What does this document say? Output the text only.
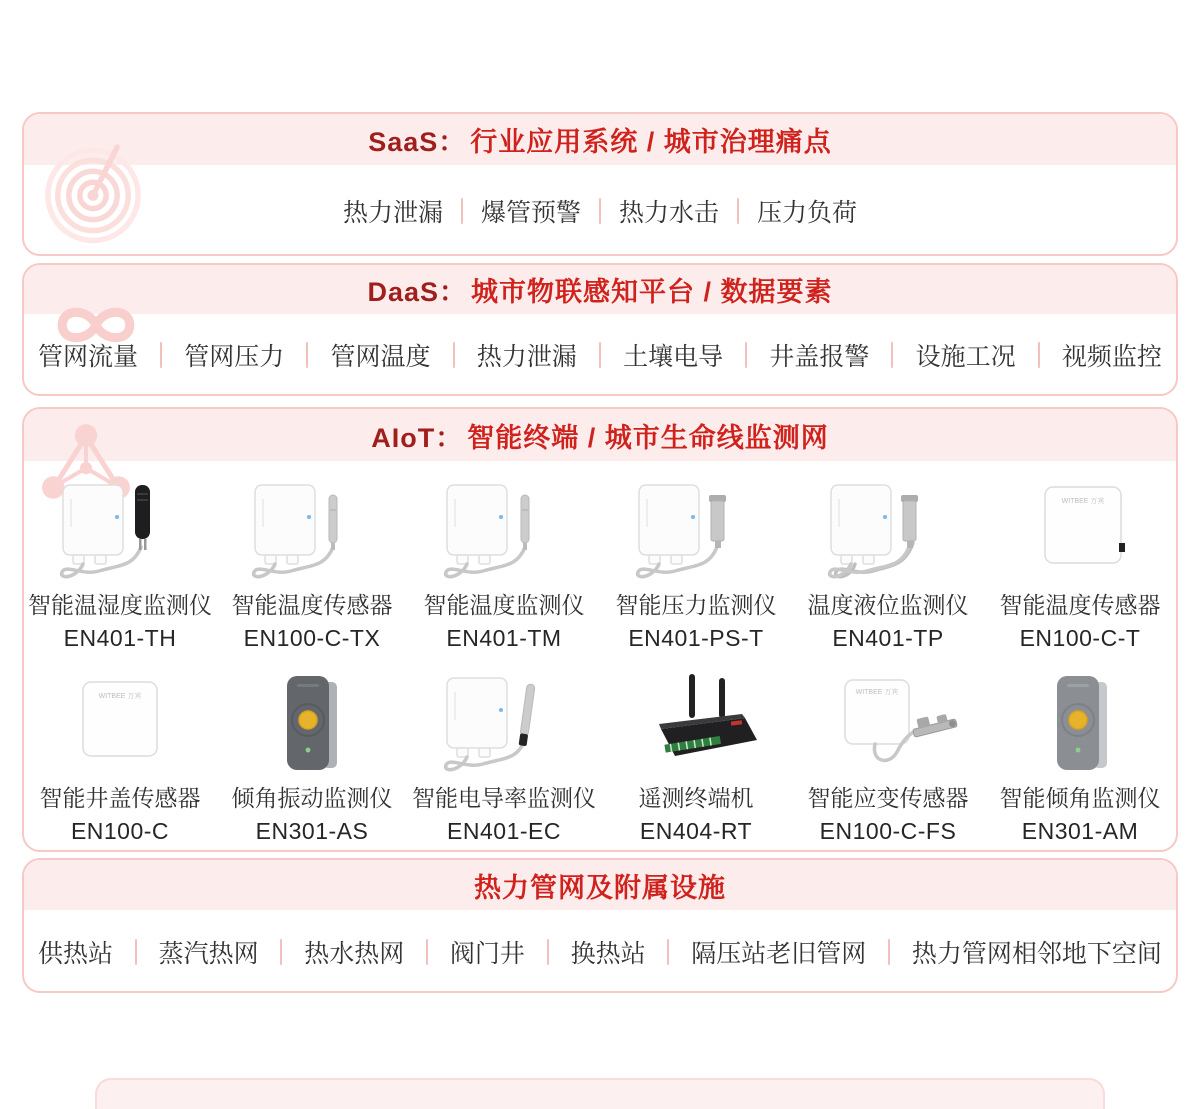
SaaS： 行业应用系统 / 城市治理痛点
热力泄漏	爆管预警	热力水击	压力负荷
DaaS： 城市物联感知平台 / 数据要素
管网流量 管网压力 管网温度 热力泄漏 土壤电导 井盖报警 设施工况 视频监控
AIoT： 智能终端 / 城市生命线监测网
智能温湿度监测仪
EN401-TH
智能温度传感器
EN100-C-TX
智能温度监测仪
EN401-TM
智能压力监测仪
EN401-PS-T
温度液位监测仪
EN401-TP
WITBEE 万宾
智能温度传感器
EN100-C-T
WITBEE 万宾
智能井盖传感器
EN100-C
倾角振动监测仪
EN301-AS
智能电导率监测仪
EN401-EC
遥测终端机
EN404-RT
WITBEE 万宾
智能应变传感器
EN100-C-FS
智能倾角监测仪
EN301-AM
热力管网及附属设施
供热站 蒸汽热网 热水热网 阀门井 换热站 隔压站老旧管网 热力管网相邻地下空间
